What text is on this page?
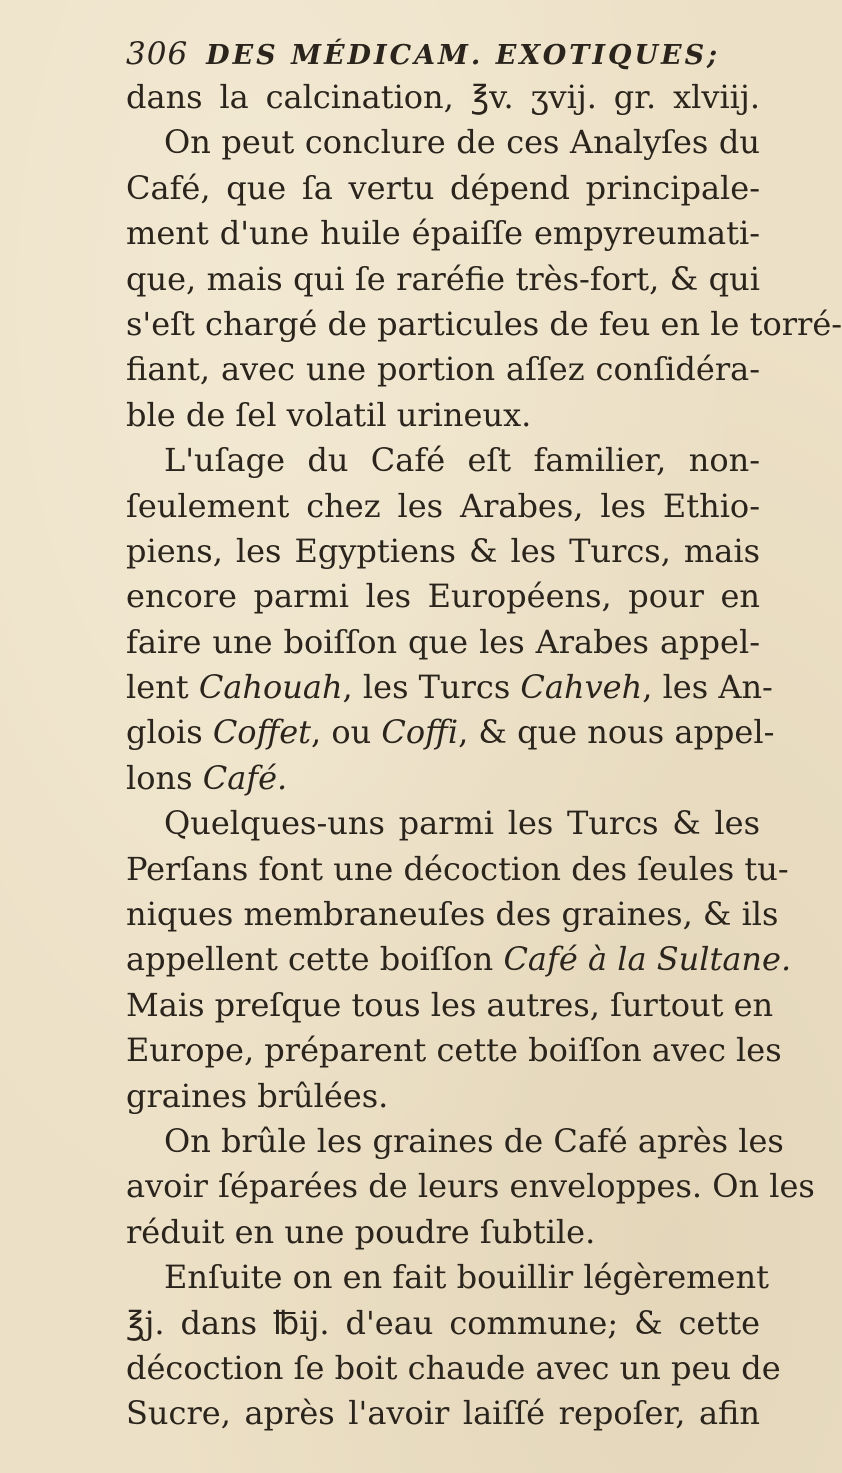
306 DES MÉDICAM. EXOTIQUES;
dans la calcination, ℥v. ʒvij. gr. xlviij.
On peut conclure de ces Analyſes du
Café, que ſa vertu dépend principale-
ment d'une huile épaiſſe empyreumati-
que, mais qui ſe raréfie très-fort, & qui
s'eſt chargé de particules de feu en le torré-
fiant, avec une portion aſſez conſidéra-
ble de ſel volatil urineux.
L'uſage du Café eſt familier, non-
ſeulement chez les Arabes, les Ethio-
piens, les Egyptiens & les Turcs, mais
encore parmi les Européens, pour en
faire une boiſſon que les Arabes appel-
lent Cahouah, les Turcs Cahveh, les An-
glois Coffet, ou Coffi, & que nous appel-
lons Café.
Quelques-uns parmi les Turcs & les
Perſans font une décoction des ſeules tu-
niques membraneuſes des graines, & ils
appellent cette boiſſon Café à la Sultane.
Mais preſque tous les autres, ſurtout en
Europe, préparent cette boiſſon avec les
graines brûlées.
On brûle les graines de Café après les
avoir ſéparées de leurs enveloppes. On les
réduit en une poudre ſubtile.
Enſuite on en fait bouillir légèrement
℥j. dans ℔ij. d'eau commune; & cette
décoction ſe boit chaude avec un peu de
Sucre, après l'avoir laiſſé repoſer, afin
